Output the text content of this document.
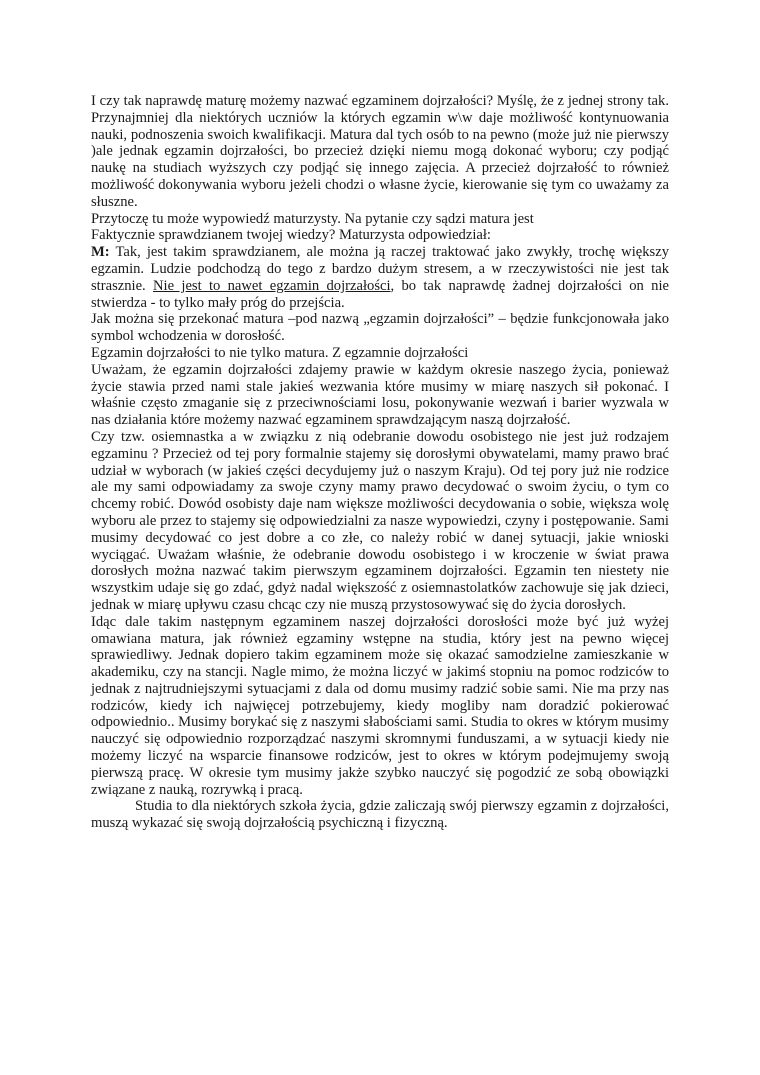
I czy tak naprawdę maturę możemy nazwać egzaminem dojrzałości? Myślę, że z jednej strony tak. Przynajmniej dla niektórych uczniów la których egzamin w\w daje możliwość kontynuowania nauki, podnoszenia swoich kwalifikacji. Matura dal tych osób to na pewno (może już nie pierwszy )ale jednak egzamin dojrzałości, bo przecież dzięki niemu mogą dokonać wyboru; czy podjąć naukę na studiach wyższych czy podjąć się innego zajęcia. A przecież dojrzałość to również możliwość dokonywania wyboru jeżeli chodzi o własne życie, kierowanie się tym co uważamy za słuszne.

Przytoczę tu może wypowiedź maturzysty. Na pytanie czy sądzi matura jest

Faktycznie sprawdzianem twojej wiedzy? Maturzysta odpowiedział:

M: Tak, jest takim sprawdzianem, ale można ją raczej traktować jako zwykły, trochę większy egzamin. Ludzie podchodzą do tego z bardzo dużym stresem, a w rzeczywistości nie jest tak strasznie. Nie jest to nawet egzamin dojrzałości, bo tak naprawdę żadnej dojrzałości on nie stwierdza - to tylko mały próg do przejścia.

Jak można się przekonać matura –pod nazwą „egzamin dojrzałości” – będzie funkcjonowała jako symbol wchodzenia w dorosłość.

Egzamin dojrzałości to nie tylko matura. Z egzamnie dojrzałości

Uważam, że egzamin dojrzałości zdajemy prawie w każdym okresie naszego życia, ponieważ życie stawia przed nami stale jakieś wezwania które musimy w miarę naszych sił pokonać. I właśnie często zmaganie się z przeciwnościami losu, pokonywanie wezwań i barier wyzwala w nas działania które możemy nazwać egzaminem sprawdzającym naszą dojrzałość.

Czy tzw. osiemnastka a w związku z nią odebranie dowodu osobistego nie jest już rodzajem egzaminu ? Przecież od tej pory formalnie stajemy się dorosłymi obywatelami, mamy prawo brać udział w wyborach (w jakieś części decydujemy już o naszym Kraju). Od tej pory już nie rodzice ale my sami odpowiadamy za swoje czyny mamy prawo decydować o swoim życiu, o tym co chcemy robić. Dowód osobisty daje nam większe możliwości decydowania o sobie, większa wolę wyboru ale przez to stajemy się odpowiedzialni za nasze wypowiedzi, czyny i postępowanie. Sami musimy decydować co jest dobre a co złe, co należy robić w danej sytuacji, jakie wnioski wyciągać. Uważam właśnie, że odebranie dowodu osobistego i w kroczenie w świat prawa dorosłych można nazwać takim pierwszym egzaminem dojrzałości. Egzamin ten niestety nie wszystkim udaje się go zdać, gdyż nadal większość z osiemnastolatków zachowuje się jak dzieci, jednak w miarę upływu czasu chcąc czy nie muszą przystosowywać się do życia dorosłych.

Idąc dale takim następnym egzaminem naszej dojrzałości dorosłości może być już wyżej omawiana matura, jak również egzaminy wstępne na studia, który jest na pewno więcej sprawiedliwy. Jednak dopiero takim egzaminem może się okazać samodzielne zamieszkanie w akademiku, czy na stancji. Nagle mimo, że można liczyć w jakimś stopniu na pomoc rodziców to jednak z najtrudniejszymi sytuacjami z dala od domu musimy radzić sobie sami. Nie ma przy nas rodziców, kiedy ich najwięcej potrzebujemy, kiedy mogliby nam doradzić pokierować odpowiednio.. Musimy borykać się z naszymi słabościami sami. Studia to okres w którym musimy nauczyć się odpowiednio rozporządzać naszymi skromnymi funduszami, a w sytuacji kiedy nie możemy liczyć na wsparcie finansowe rodziców, jest to okres w którym podejmujemy swoją pierwszą pracę. W okresie tym musimy jakże szybko nauczyć się pogodzić ze sobą obowiązki związane z nauką, rozrywką i pracą.

Studia to dla niektórych szkoła życia, gdzie zaliczają swój pierwszy egzamin z dojrzałości, muszą wykazać się swoją dojrzałością psychiczną i fizyczną.
